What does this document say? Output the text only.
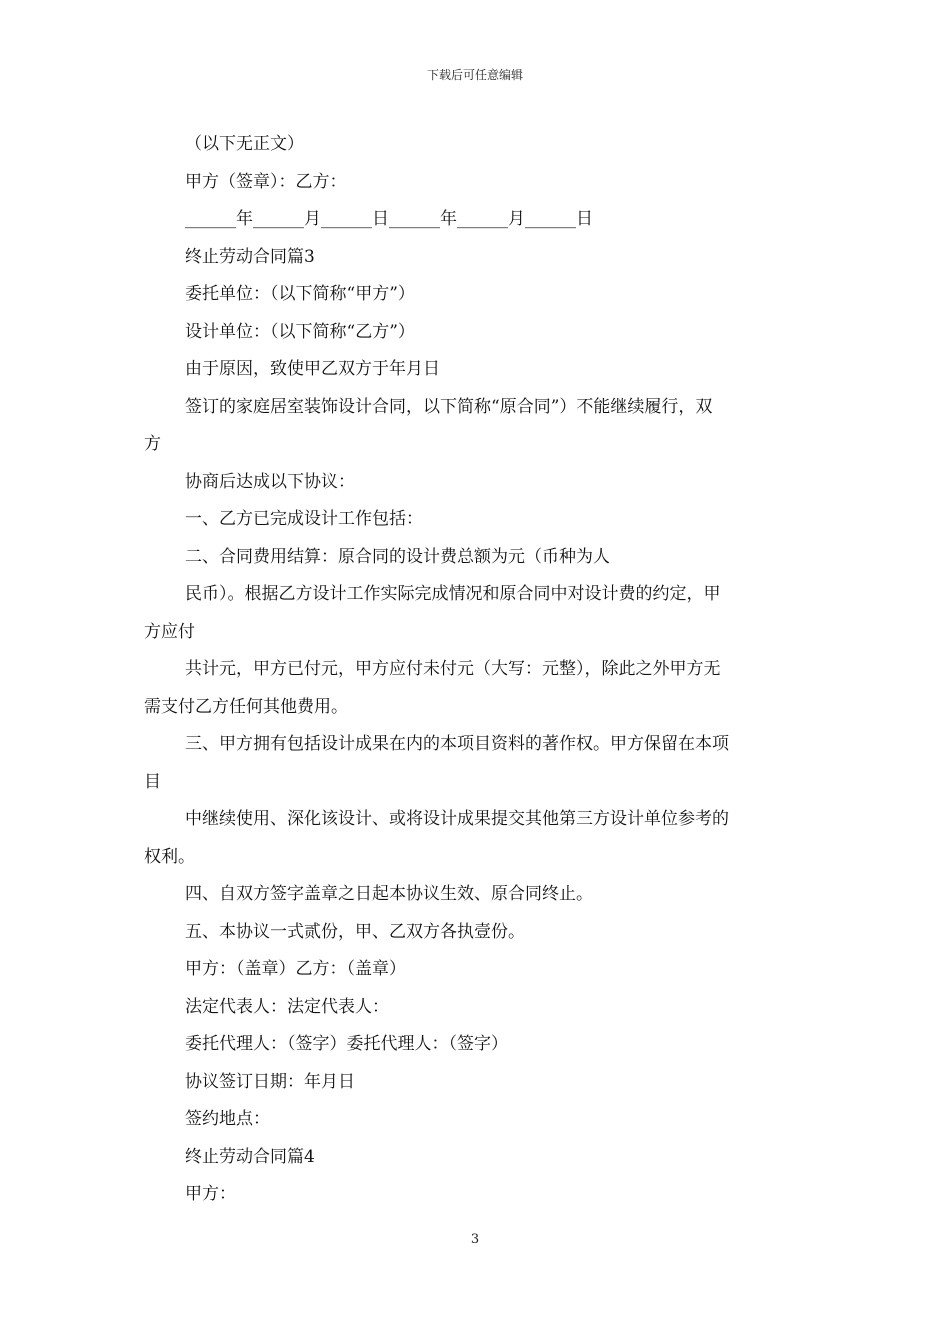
下载后可任意编辑
（以下无正文）
甲方（签章）：乙方：
______年______月______日______年______月______日
终止劳动合同篇3
委托单位：（以下简称“甲方”）
设计单位：（以下简称“乙方”）
由于原因，致使甲乙双方于年月日
签订的家庭居室装饰设计合同，以下简称“原合同”）不能继续履行，双
方
协商后达成以下协议：
一、乙方已完成设计工作包括：
二、合同费用结算：原合同的设计费总额为元（币种为人
民币）。根据乙方设计工作实际完成情况和原合同中对设计费的约定，甲
方应付
共计元，甲方已付元，甲方应付未付元（大写：元整），除此之外甲方无
需支付乙方任何其他费用。
三、甲方拥有包括设计成果在内的本项目资料的著作权。甲方保留在本项
目
中继续使用、深化该设计、或将设计成果提交其他第三方设计单位参考的
权利。
四、自双方签字盖章之日起本协议生效、原合同终止。
五、本协议一式贰份，甲、乙双方各执壹份。
甲方：（盖章）乙方：（盖章）
法定代表人：法定代表人：
委托代理人：（签字）委托代理人：（签字）
协议签订日期：年月日
签约地点：
终止劳动合同篇4
甲方：
3
